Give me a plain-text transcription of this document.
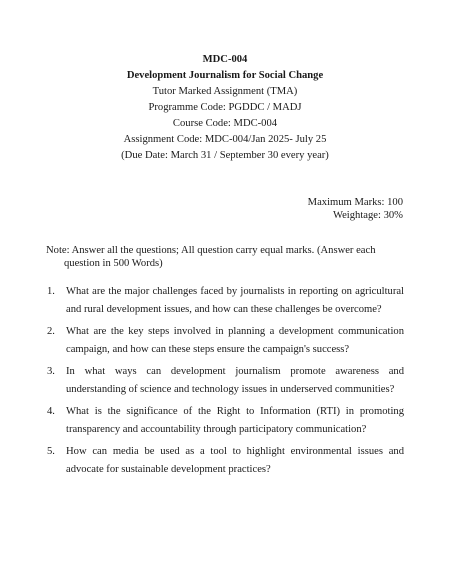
MDC-004
Development Journalism for Social Change
Tutor Marked Assignment (TMA)
Programme Code: PGDDC / MADJ
Course Code: MDC-004
Assignment Code: MDC-004/Jan 2025- July 25
(Due Date: March 31 / September 30 every year)
Maximum Marks: 100
Weightage: 30%
Note: Answer all the questions; All question carry equal marks. (Answer each
question in 500 Words)
1. What are the major challenges faced by journalists in reporting on agricultural and rural development issues, and how can these challenges be overcome?
2. What are the key steps involved in planning a development communication campaign, and how can these steps ensure the campaign's success?
3. In what ways can development journalism promote awareness and understanding of science and technology issues in underserved communities?
4. What is the significance of the Right to Information (RTI) in promoting transparency and accountability through participatory communication?
5. How can media be used as a tool to highlight environmental issues and advocate for sustainable development practices?
